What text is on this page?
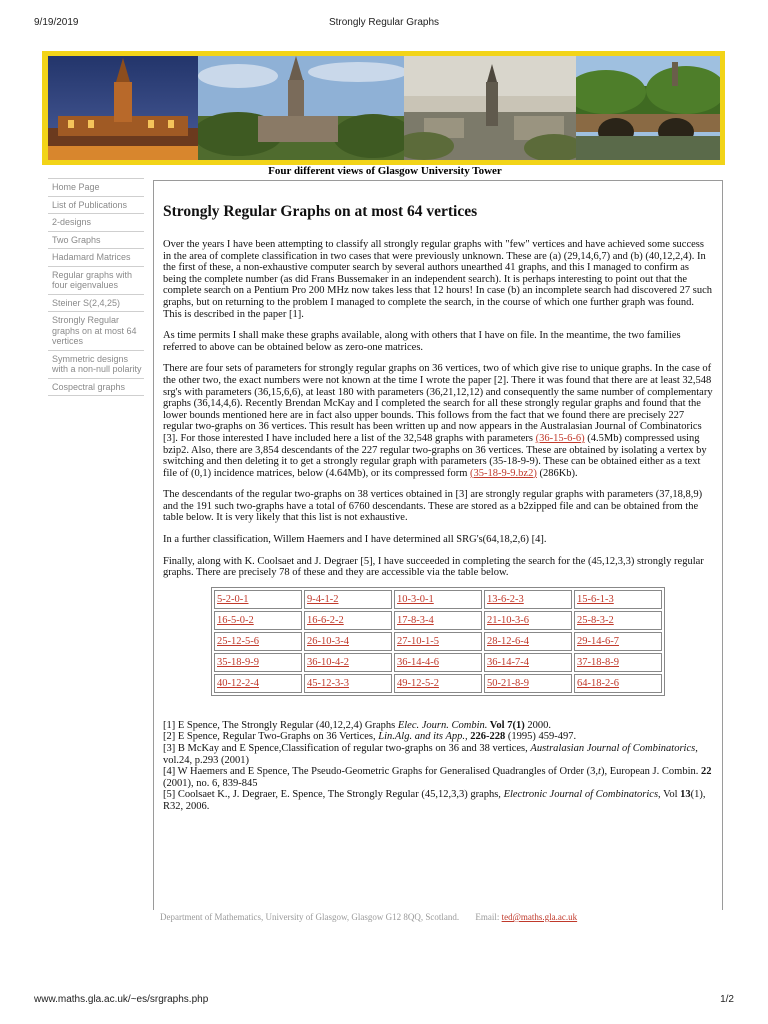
9/19/2019	Strongly Regular Graphs
Four different views of Glasgow University Tower
Home Page
List of Publications
2-designs
Two Graphs
Hadamard Matrices
Regular graphs with four eigenvalues
Steiner S(2,4,25)
Strongly Regular graphs on at most 64 vertices
Symmetric designs with a non-null polarity
Cospectral graphs
Strongly Regular Graphs on at most 64 vertices

Over the years I have been attempting to classify all strongly regular graphs with "few" vertices and have achieved some success in the area of complete classification in two cases that were previously unknown. These are (a) (29,14,6,7) and (b) (40,12,2,4). In the first of these, a non-exhaustive computer search by several authors unearthed 41 graphs, and this I managed to confirm as being the complete number (as did Frans Bussemaker in an independent search). It is perhaps interesting to point out that the complete search on a Pentium Pro 200 MHz now takes less that 12 hours! In case (b) an incomplete search had discovered 27 such graphs, but on returning to the problem I managed to complete the search, in the course of which one further graph was found. This is described in the paper [1].

As time permits I shall make these graphs available, along with others that I have on file. In the meantime, the two families referred to above can be obtained below as zero-one matrices.

There are four sets of parameters for strongly regular graphs on 36 vertices, two of which give rise to unique graphs. In the case of the other two, the exact numbers were not known at the time I wrote the paper [2]. There it was found that there are at least 32,548 srg's with parameters (36,15,6,6), at least 180 with parameters (36,21,12,12) and consequently the same number of complementary graphs (36,14,4,6). Recently Brendan McKay and I completed the search for all these strongly regular graphs and found that the lower bounds mentioned here are in fact also upper bounds. This follows from the fact that we found there are precisely 227 regular two-graphs on 36 vertices. This result has been written up and now appears in the Australasian Journal of Combinatorics [3]. For those interested I have included here a list of the 32,548 graphs with parameters (36-15-6-6) (4.5Mb) compressed using bzip2. Also, there are 3,854 descendants of the 227 regular two-graphs on 36 vertices. These are obtained by isolating a vertex by switching and then deleting it to get a strongly regular graph with parameters (35-18-9-9). These can be obtained either as a text file of (0,1) incidence matrices, below (4.64Mb), or its compressed form (35-18-9-9.bz2) (286Kb).

The descendants of the regular two-graphs on 38 vertices obtained in [3] are strongly regular graphs with parameters (37,18,8,9) and the 191 such two-graphs have a total of 6760 descendants. These are stored as a b2zipped file and can be obtained from the table below. It is very likely that this list is not exhaustive.

In a further classification, Willem Haemers and I have determined all SRG's(64,18,2,6) [4].

Finally, along with K. Coolsaet and J. Degraer [5], I have succeeded in completing the search for the (45,12,3,3) strongly regular graphs. There are precisely 78 of these and they are accessible via the table below.

5-2-0-1	9-4-1-2	10-3-0-1	13-6-2-3	15-6-1-3
16-5-0-2	16-6-2-2	17-8-3-4	21-10-3-6	25-8-3-2
25-12-5-6	26-10-3-4	27-10-1-5	28-12-6-4	29-14-6-7
35-18-9-9	36-10-4-2	36-14-4-6	36-14-7-4	37-18-8-9
40-12-2-4	45-12-3-3	49-12-5-2	50-21-8-9	64-18-2-6
[1] E Spence, The Strongly Regular (40,12,2,4) Graphs Elec. Journ. Combin. Vol 7(1) 2000.
[2] E Spence, Regular Two-Graphs on 36 Vertices, Lin.Alg. and its App., 226-228 (1995) 459-497.
[3] B McKay and E Spence,Classification of regular two-graphs on 36 and 38 vertices, Australasian Journal of Combinatorics, vol.24, p.293 (2001)
[4] W Haemers and E Spence, The Pseudo-Geometric Graphs for Generalised Quadrangles of Order (3,t), European J. Combin. 22 (2001), no. 6, 839-845
[5] Coolsaet K., J. Degraer, E. Spence, The Strongly Regular (45,12,3,3) graphs, Electronic Journal of Combinatorics, Vol 13(1), R32, 2006.
Department of Mathematics, University of Glasgow, Glasgow G12 8QQ, Scotland. Email: ted@maths.gla.ac.uk
www.maths.gla.ac.uk/~es/srgraphs.php	1/2
